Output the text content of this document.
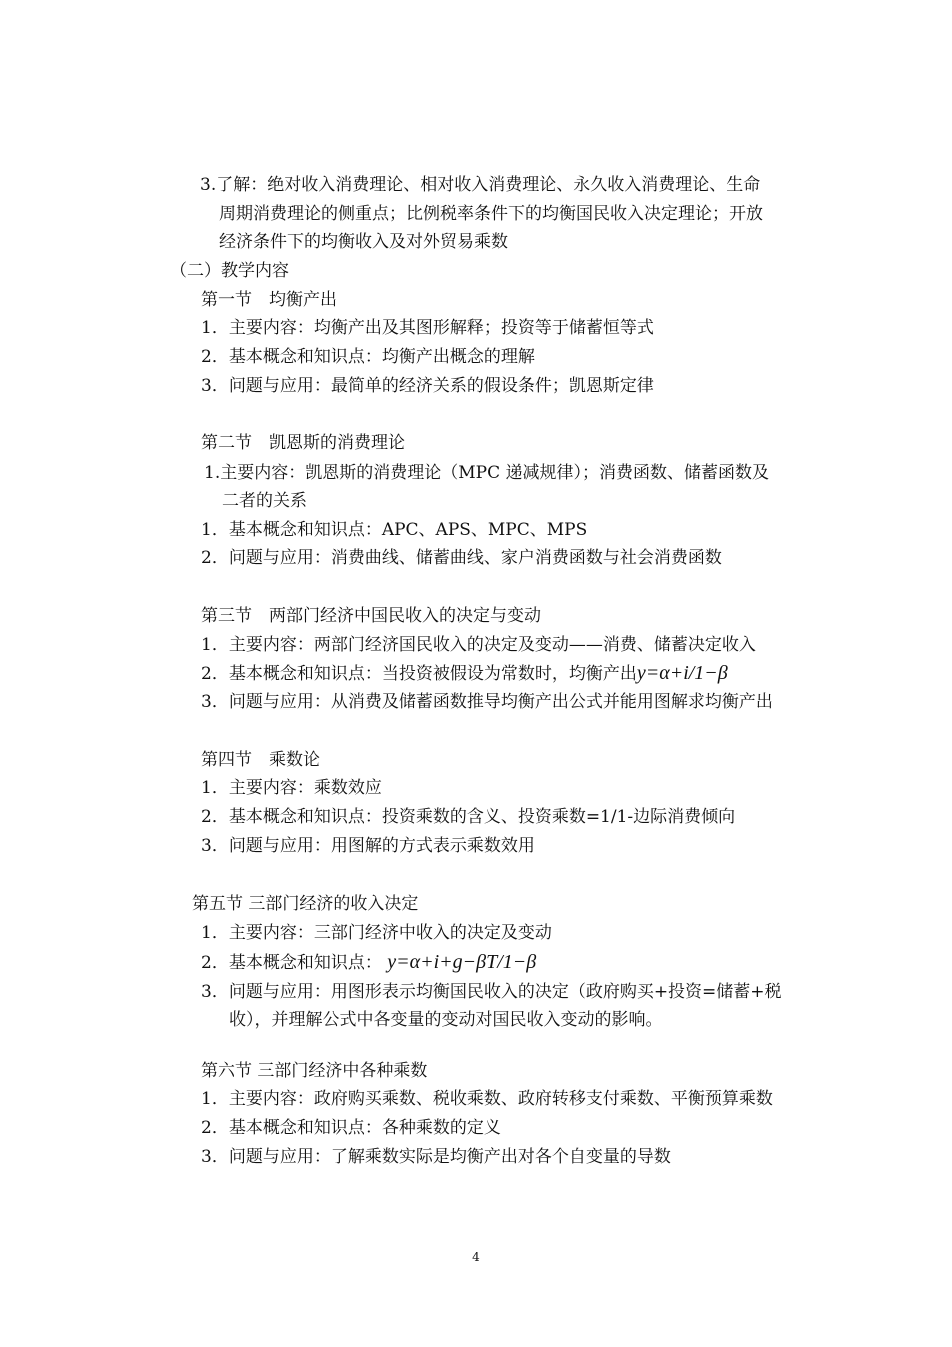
3.了解：绝对收入消费理论、相对收入消费理论、永久收入消费理论、生命
周期消费理论的侧重点；比例税率条件下的均衡国民收入决定理论；开放
经济条件下的均衡收入及对外贸易乘数
（二）教学内容
第一节　均衡产出
1．主要内容：均衡产出及其图形解释；投资等于储蓄恒等式
2．基本概念和知识点：均衡产出概念的理解
3．问题与应用：最简单的经济关系的假设条件；凯恩斯定律
第二节　凯恩斯的消费理论
1.主要内容：凯恩斯的消费理论（MPC 递减规律）；消费函数、储蓄函数及
二者的关系
1．基本概念和知识点：APC、APS、MPC、MPS
2．问题与应用：消费曲线、储蓄曲线、家户消费函数与社会消费函数
第三节　两部门经济中国民收入的决定与变动
1．主要内容：两部门经济国民收入的决定及变动——消费、储蓄决定收入
2．基本概念和知识点：当投资被假设为常数时，均衡产出y=α+i/1−β
3．问题与应用：从消费及储蓄函数推导均衡产出公式并能用图解求均衡产出
第四节　乘数论
1．主要内容：乘数效应
2．基本概念和知识点：投资乘数的含义、投资乘数=1/1-边际消费倾向
3．问题与应用：用图解的方式表示乘数效用
第五节 三部门经济的收入决定
1．主要内容：三部门经济中收入的决定及变动
2．基本概念和知识点： y=α+i+g−βT/1−β
3．问题与应用：用图形表示均衡国民收入的决定（政府购买+投资=储蓄+税
收），并理解公式中各变量的变动对国民收入变动的影响。
第六节 三部门经济中各种乘数
1．主要内容：政府购买乘数、税收乘数、政府转移支付乘数、平衡预算乘数
2．基本概念和知识点：各种乘数的定义
3．问题与应用：了解乘数实际是均衡产出对各个自变量的导数
4
